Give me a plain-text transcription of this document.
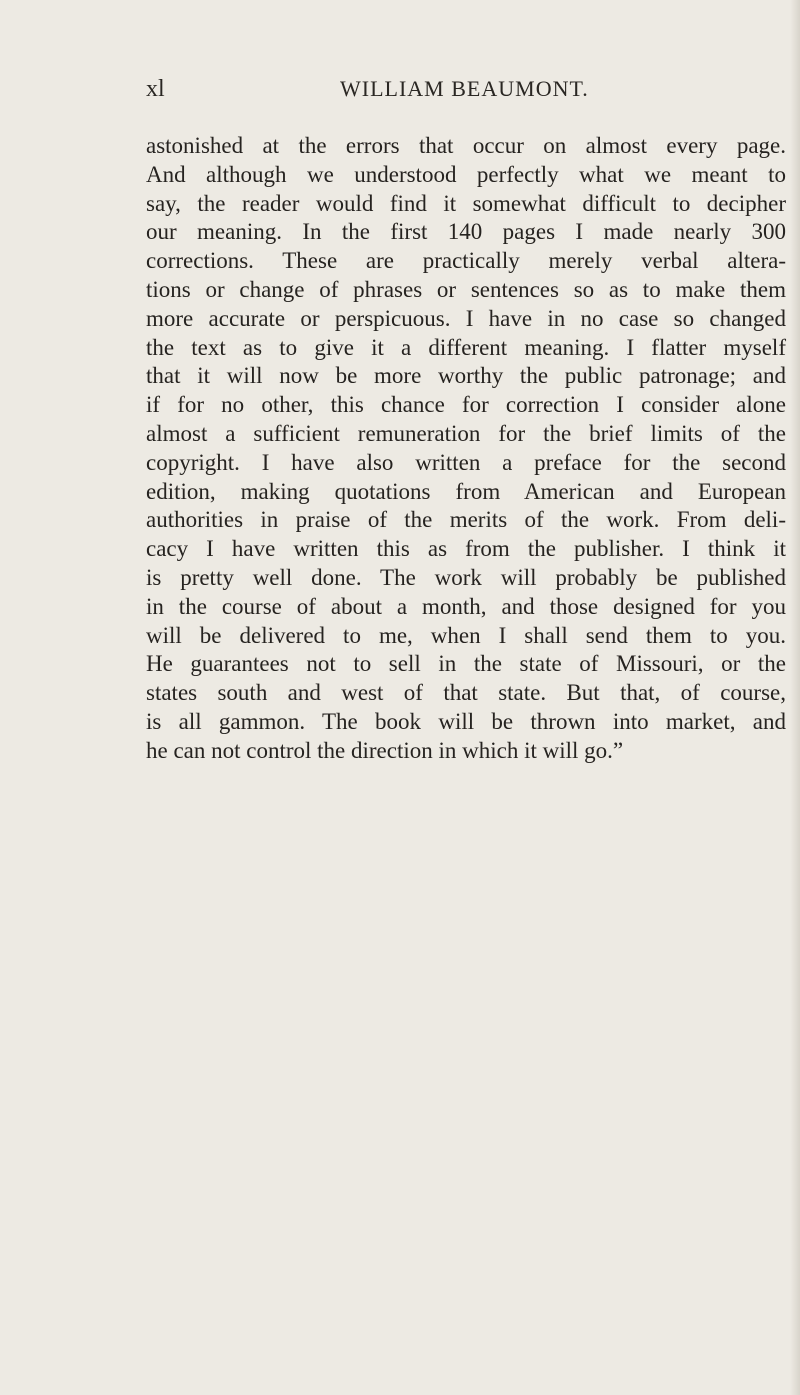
xl	WILLIAM BEAUMONT.
astonished at the errors that occur on almost every page.
And although we understood perfectly what we meant to
say, the reader would find it somewhat difficult to decipher
our meaning. In the first 140 pages I made nearly 300
corrections. These are practically merely verbal altera-
tions or change of phrases or sentences so as to make them
more accurate or perspicuous. I have in no case so changed
the text as to give it a different meaning. I flatter myself
that it will now be more worthy the public patronage; and
if for no other, this chance for correction I consider alone
almost a sufficient remuneration for the brief limits of the
copyright. I have also written a preface for the second
edition, making quotations from American and European
authorities in praise of the merits of the work. From deli-
cacy I have written this as from the publisher. I think it
is pretty well done. The work will probably be published
in the course of about a month, and those designed for you
will be delivered to me, when I shall send them to you.
He guarantees not to sell in the state of Missouri, or the
states south and west of that state. But that, of course,
is all gammon. The book will be thrown into market, and
he can not control the direction in which it will go.”
